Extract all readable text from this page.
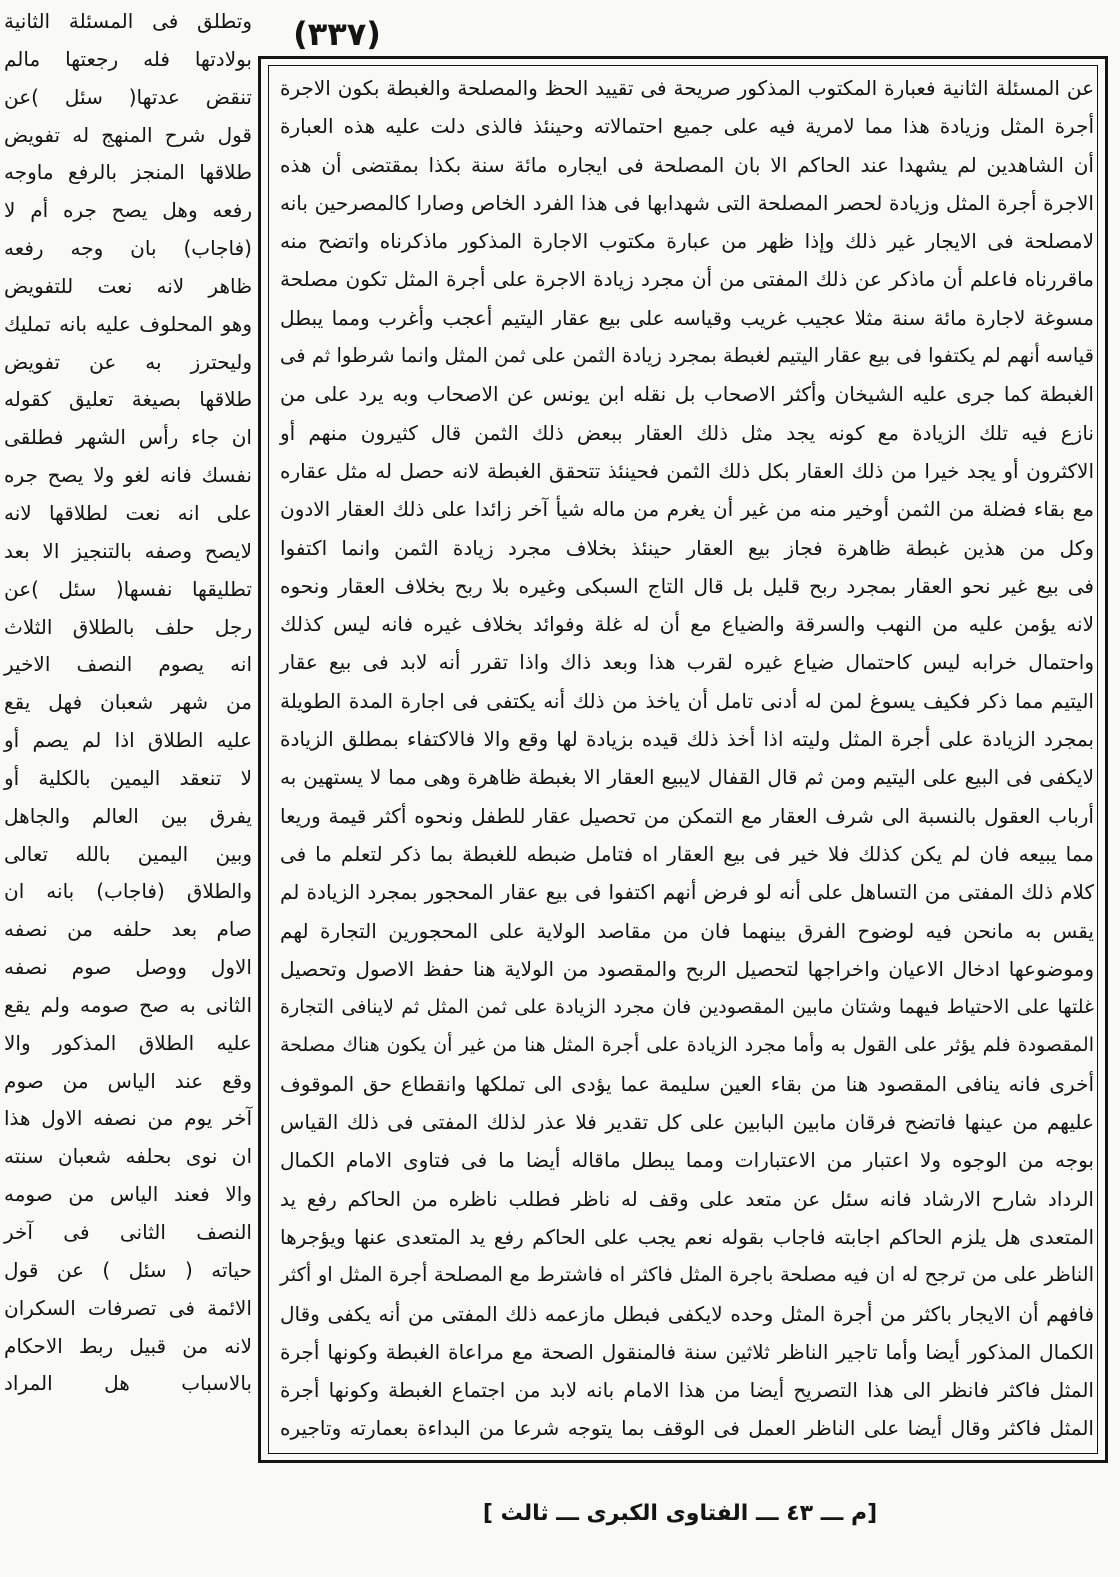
(٣٣٧)
عن المسئلة الثانية فعبارة المكتوب المذكور صريحة فى تقييد الحظ والمصلحة والغبطة بكون الاجرة
أجرة المثل وزيادة هذا مما لامرية فيه على جميع احتمالاته وحينئذ فالذى دلت عليه هذه العبارة
أن الشاهدين لم يشهدا عند الحاكم الا بان المصلحة فى ايجاره مائة سنة بكذا بمقتضى أن هذه
الاجرة أجرة المثل وزيادة لحصر المصلحة التى شهدابها فى هذا الفرد الخاص وصارا كالمصرحين بانه
لامصلحة فى الايجار غير ذلك وإذا ظهر من عبارة مكتوب الاجارة المذكور ماذكرناه واتضح منه
ماقررناه فاعلم أن ماذكر عن ذلك المفتى من أن مجرد زيادة الاجرة على أجرة المثل تكون مصلحة
مسوغة لاجارة مائة سنة مثلا عجيب غريب وقياسه على بيع عقار اليتيم أعجب وأغرب ومما يبطل
قياسه أنهم لم يكتفوا فى بيع عقار اليتيم لغبطة بمجرد زيادة الثمن على ثمن المثل وانما شرطوا ثم فى
الغبطة كما جرى عليه الشيخان وأكثر الاصحاب بل نقله ابن يونس عن الاصحاب وبه يرد على من
نازع فيه تلك الزيادة مع كونه يجد مثل ذلك العقار ببعض ذلك الثمن قال كثيرون منهم أو
الاكثرون أو يجد خيرا من ذلك العقار بكل ذلك الثمن فحينئذ تتحقق الغبطة لانه حصل له مثل عقاره
مع بقاء فضلة من الثمن أوخير منه من غير أن يغرم من ماله شيأ آخر زائدا على ذلك العقار الادون
وكل من هذين غبطة ظاهرة فجاز بيع العقار حينئذ بخلاف مجرد زيادة الثمن وانما اكتفوا
فى بيع غير نحو العقار بمجرد ربح قليل بل قال التاج السبكى وغيره بلا ربح بخلاف العقار ونحوه
لانه يؤمن عليه من النهب والسرقة والضياع مع أن له غلة وفوائد بخلاف غيره فانه ليس كذلك
واحتمال خرابه ليس كاحتمال ضياع غيره لقرب هذا وبعد ذاك واذا تقرر أنه لابد فى بيع عقار
اليتيم مما ذكر فكيف يسوغ لمن له أدنى تامل أن ياخذ من ذلك أنه يكتفى فى اجارة المدة الطويلة
بمجرد الزيادة على أجرة المثل وليته اذا أخذ ذلك قيده بزيادة لها وقع والا فالاكتفاء بمطلق الزيادة
لايكفى فى البيع على اليتيم ومن ثم قال القفال لايبيع العقار الا بغبطة ظاهرة وهى مما لا يستهين به
أرباب العقول بالنسبة الى شرف العقار مع التمكن من تحصيل عقار للطفل ونحوه أكثر قيمة وريعا
مما يبيعه فان لم يكن كذلك فلا خير فى بيع العقار اه فتامل ضبطه للغبطة بما ذكر لتعلم ما فى
كلام ذلك المفتى من التساهل على أنه لو فرض أنهم اكتفوا فى بيع عقار المحجور بمجرد الزيادة لم
يقس به مانحن فيه لوضوح الفرق بينهما فان من مقاصد الولاية على المحجورين التجارة لهم
وموضوعها ادخال الاعيان واخراجها لتحصيل الربح والمقصود من الولاية هنا حفظ الاصول وتحصيل
غلتها على الاحتياط فيهما وشتان مابين المقصودين فان مجرد الزيادة على ثمن المثل ثم لاينافى التجارة
المقصودة فلم يؤثر على القول به وأما مجرد الزيادة على أجرة المثل هنا من غير أن يكون هناك مصلحة
أخرى فانه ينافى المقصود هنا من بقاء العين سليمة عما يؤدى الى تملكها وانقطاع حق الموقوف
عليهم من عينها فاتضح فرقان مابين البابين على كل تقدير فلا عذر لذلك المفتى فى ذلك القياس
بوجه من الوجوه ولا اعتبار من الاعتبارات ومما يبطل ماقاله أيضا ما فى فتاوى الامام الكمال
الرداد شارح الارشاد فانه سئل عن متعد على وقف له ناظر فطلب ناظره من الحاكم رفع يد
المتعدى هل يلزم الحاكم اجابته فاجاب بقوله نعم يجب على الحاكم رفع يد المتعدى عنها ويؤجرها
الناظر على من ترجح له ان فيه مصلحة باجرة المثل فاكثر اه فاشترط مع المصلحة أجرة المثل او أكثر
فافهم أن الايجار باكثر من أجرة المثل وحده لايكفى فبطل مازعمه ذلك المفتى من أنه يكفى وقال
الكمال المذكور أيضا وأما تاجير الناظر ثلاثين سنة فالمنقول الصحة مع مراعاة الغبطة وكونها أجرة
المثل فاكثر فانظر الى هذا التصريح أيضا من هذا الامام بانه لابد من اجتماع الغبطة وكونها أجرة
المثل فاكثر وقال أيضا على الناظر العمل فى الوقف بما يتوجه شرعا من البداءة بعمارته وتاجيره
وتطلق فى المسئلة الثانية
بولادتها فله رجعتها مالم
تنقض عدتها( سئل )عن
قول شرح المنهج له تفويض
طلاقها المنجز بالرفع ماوجه
رفعه وهل يصح جره أم لا
(فاجاب) بان وجه رفعه
ظاهر لانه نعت للتفويض
وهو المحلوف عليه بانه تمليك
وليحترز به عن تفويض
طلاقها بصيغة تعليق كقوله
ان جاء رأس الشهر فطلقى
نفسك فانه لغو ولا يصح جره
على انه نعت لطلاقها لانه
لايصح وصفه بالتنجيز الا بعد
تطليقها نفسها( سئل )عن
رجل حلف بالطلاق الثلاث
انه يصوم النصف الاخير
من شهر شعبان فهل يقع
عليه الطلاق اذا لم يصم أو
لا تنعقد اليمين بالكلية أو
يفرق بين العالم والجاهل
وبين اليمين بالله تعالى
والطلاق (فاجاب) بانه ان
صام بعد حلفه من نصفه
الاول ووصل صوم نصفه
الثانى به صح صومه ولم يقع
عليه الطلاق المذكور والا
وقع عند الياس من صوم
آخر يوم من نصفه الاول هذا
ان نوى بحلفه شعبان سنته
والا فعند الياس من صومه
النصف الثانى فى آخر
حياته ( سئل ) عن قول
الائمة فى تصرفات السكران
لانه من قبيل ربط الاحكام
بالاسباب هل المراد
[م ـــ ٤٣ ـــ الفتاوى الكبرى ـــ ثالث ]
